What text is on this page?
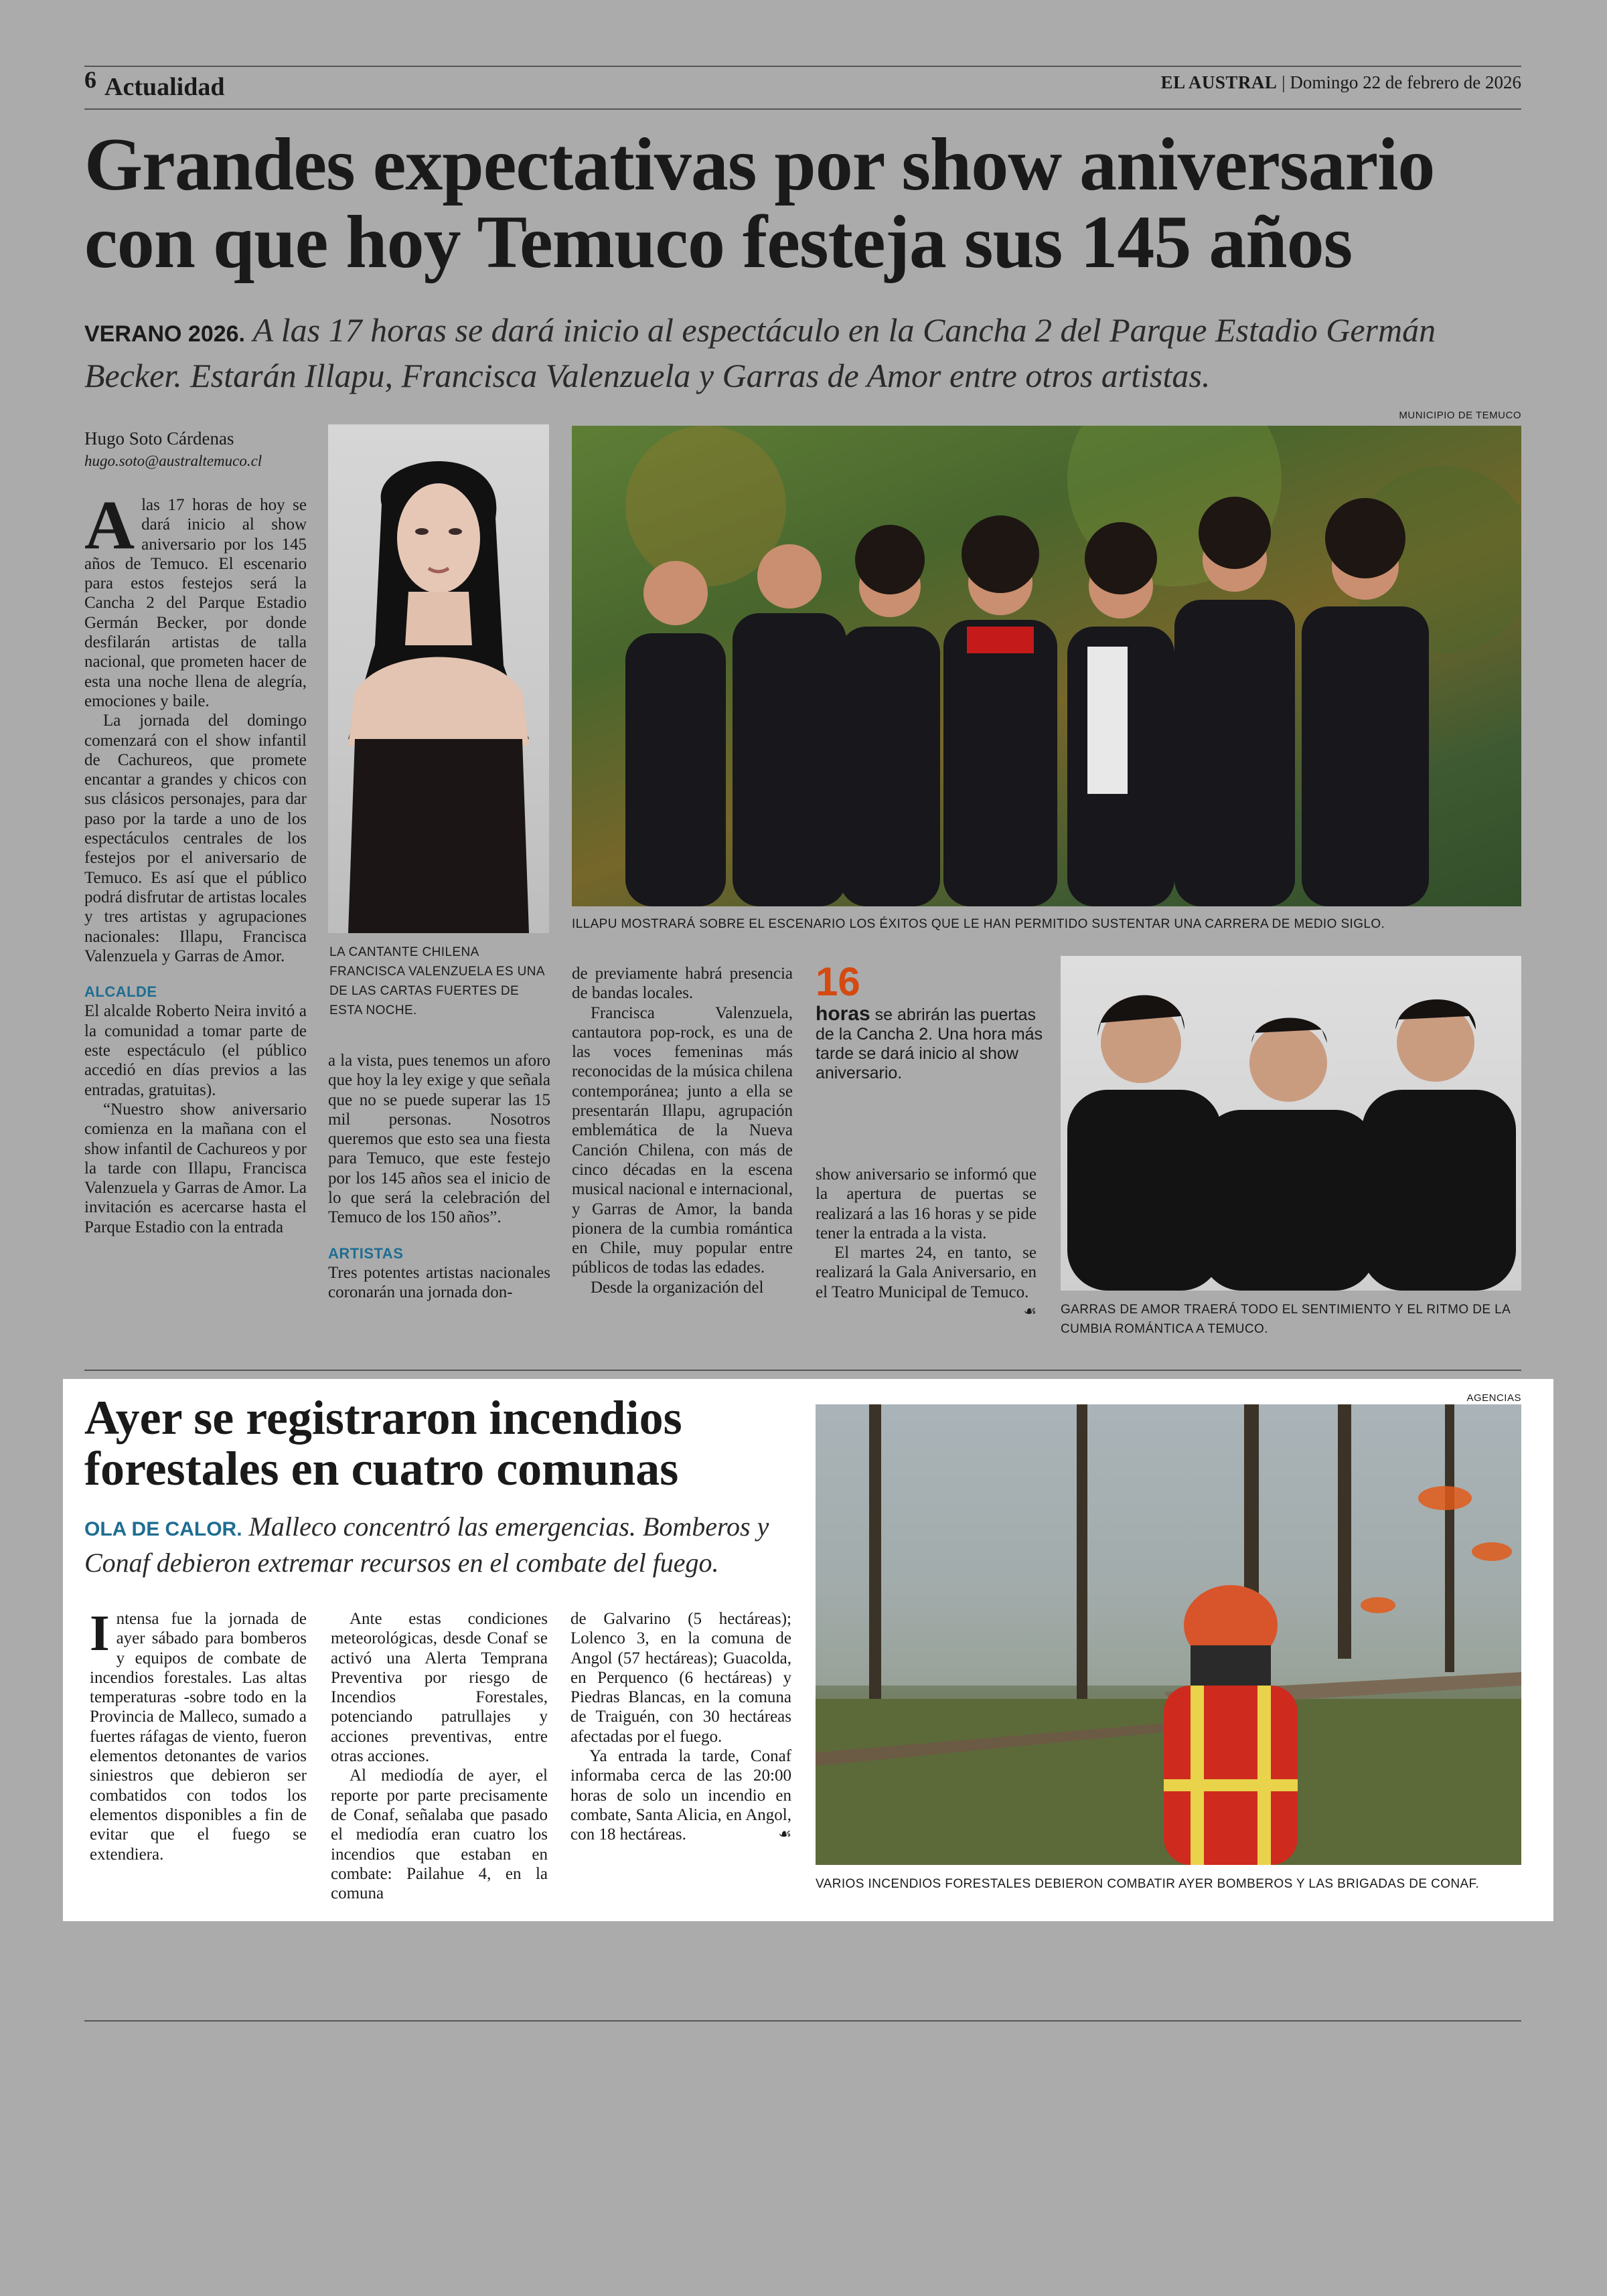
6 Actualidad	EL AUSTRAL | Domingo 22 de febrero de 2026
Grandes expectativas por show aniversario con que hoy Temuco festeja sus 145 años
VERANO 2026. A las 17 horas se dará inicio al espectáculo en la Cancha 2 del Parque Estadio Germán Becker. Estarán Illapu, Francisca Valenzuela y Garras de Amor entre otros artistas.
Hugo Soto Cárdenas
hugo.soto@australtemuco.cl

Alas 17 horas de hoy se dará inicio al show aniversario por los 145 años de Temuco. El escenario para estos festejos será la Cancha 2 del Parque Estadio Germán Becker, por donde desfilarán artistas de talla nacional, que prometen hacer de esta una noche llena de alegría, emociones y baile.

La jornada del domingo comenzará con el show infantil de Cachureos, que promete encantar a grandes y chicos con sus clásicos personajes, para dar paso por la tarde a uno de los espectáculos centrales de los festejos por el aniversario de Temuco. Es así que el público podrá disfrutar de artistas locales y tres artistas y agrupaciones nacionales: Illapu, Francisca Valenzuela y Garras de Amor.

ALCALDE

El alcalde Roberto Neira invitó a la comunidad a tomar parte de este espectáculo (el público accedió en días previos a las entradas, gratuitas).

“Nuestro show aniversario comienza en la mañana con el show infantil de Cachureos y por la tarde con Illapu, Francisca Valenzuela y Garras de Amor. La invitación es acercarse hasta el Parque Estadio con la entrada

LA CANTANTE CHILENA FRANCISCA VALENZUELA ES UNA DE LAS CARTAS FUERTES DE ESTA NOCHE.

a la vista, pues tenemos un aforo que hoy la ley exige y que señala que no se puede superar las 15 mil personas. Nosotros queremos que esto sea una fiesta para Temuco, que este festejo por los 145 años sea el inicio de lo que será la celebración del Temuco de los 150 años”.

ARTISTAS

Tres potentes artistas nacionales coronarán una jornada don-

MUNICIPIO DE TEMUCO
ILLAPU MOSTRARÁ SOBRE EL ESCENARIO LOS ÉXITOS QUE LE HAN PERMITIDO SUSTENTAR UNA CARRERA DE MEDIO SIGLO.

de previamente habrá presencia de bandas locales.

Francisca Valenzuela, cantautora pop-rock, es una de las voces femeninas más reconocidas de la música chilena contemporánea; junto a ella se presentarán Illapu, agrupación emblemática de la Nueva Canción Chilena, con más de cinco décadas en la escena musical nacional e internacional, y Garras de Amor, la banda pionera de la cumbia romántica en Chile, muy popular entre públicos de todas las edades.

Desde la organización del

16
horas se abrirán las puertas de la Cancha 2. Una hora más tarde se dará inicio al show aniversario.

show aniversario se informó que la apertura de puertas se realizará a las 16 horas y se pide tener la entrada a la vista.

El martes 24, en tanto, se realizará la Gala Aniversario, en el Teatro Municipal de Temuco.
☙ GARRAS DE AMOR TRAERÁ TODO EL SENTIMIENTO Y EL RITMO DE LA CUMBIA ROMÁNTICA A TEMUCO.
Ayer se registraron incendios forestales en cuatro comunas
OLA DE CALOR. Malleco concentró las emergencias. Bomberos y Conaf debieron extremar recursos en el combate del fuego.

Intensa fue la jornada de ayer sábado para bomberos y equipos de combate de incendios forestales. Las altas temperaturas -sobre todo en la Provincia de Malleco, sumado a fuertes ráfagas de viento, fueron elementos detonantes de varios siniestros que debieron ser combatidos con todos los elementos disponibles a fin de evitar que el fuego se extendiera.

Ante estas condiciones meteorológicas, desde Conaf se activó una Alerta Temprana Preventiva por riesgo de Incendios Forestales, potenciando patrullajes y acciones preventivas, entre otras acciones.

Al mediodía de ayer, el reporte por parte precisamente de Conaf, señalaba que pasado el mediodía eran cuatro los incendios que estaban en combate: Pailahue 4, en la comuna

de Galvarino (5 hectáreas); Lolenco 3, en la comuna de Angol (57 hectáreas); Guacolda, en Perquenco (6 hectáreas) y Piedras Blancas, en la comuna de Traiguén, con 30 hectáreas afectadas por el fuego.

Ya entrada la tarde, Conaf informaba cerca de las 20:00 horas de solo un incendio en combate, Santa Alicia, en Angol, con 18 hectáreas.	☙

AGENCIAS
VARIOS INCENDIOS FORESTALES DEBIERON COMBATIR AYER BOMBEROS Y LAS BRIGADAS DE CONAF.
